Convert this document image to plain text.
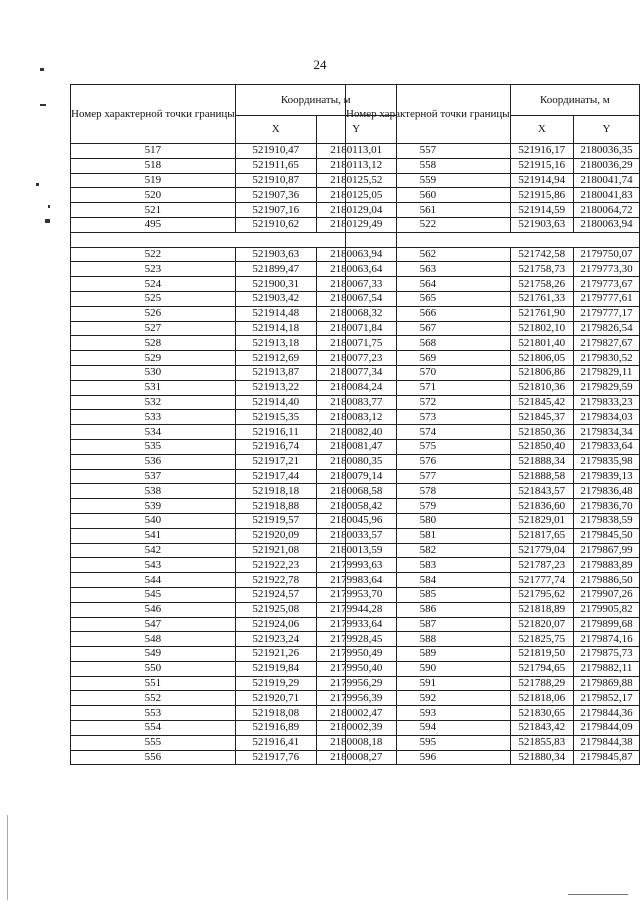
24
Номер характерной точки границы	Координаты, м	
	X	Y
517	521910,47	2180113,01
518	521911,65	2180113,12
519	521910,87	2180125,52
520	521907,36	2180125,05
521	521907,16	2180129,04
495	521910,62	2180129,49

522	521903,63	2180063,94
523	521899,47	2180063,64
524	521900,31	2180067,33
525	521903,42	2180067,54
526	521914,48	2180068,32
527	521914,18	2180071,84
528	521913,18	2180071,75
529	521912,69	2180077,23
530	521913,87	2180077,34
531	521913,22	2180084,24
532	521914,40	2180083,77
533	521915,35	2180083,12
534	521916,11	2180082,40
535	521916,74	2180081,47
536	521917,21	2180080,35
537	521917,44	2180079,14
538	521918,18	2180068,58
539	521918,88	2180058,42
540	521919,57	2180045,96
541	521920,09	2180033,57
542	521921,08	2180013,59
543	521922,23	2179993,63
544	521922,78	2179983,64
545	521924,57	2179953,70
546	521925,08	2179944,28
547	521924,06	2179933,64
548	521923,24	2179928,45
549	521921,26	2179950,49
550	521919,84	2179950,40
551	521919,29	2179956,29
552	521920,71	2179956,39
553	521918,08	2180002,47
554	521916,89	2180002,39
555	521916,41	2180008,18
556	521917,76	2180008,27
Номер характерной точки границы	Координаты, м	
	X	Y
557	521916,17	2180036,35
558	521915,16	2180036,29
559	521914,94	2180041,74
560	521915,86	2180041,83
561	521914,59	2180064,72
522	521903,63	2180063,94

562	521742,58	2179750,07
563	521758,73	2179773,30
564	521758,26	2179773,67
565	521761,33	2179777,61
566	521761,90	2179777,17
567	521802,10	2179826,54
568	521801,40	2179827,67
569	521806,05	2179830,52
570	521806,86	2179829,11
571	521810,36	2179829,59
572	521845,42	2179833,23
573	521845,37	2179834,03
574	521850,36	2179834,34
575	521850,40	2179833,64
576	521888,34	2179835,98
577	521888,58	2179839,13
578	521843,57	2179836,48
579	521836,60	2179836,70
580	521829,01	2179838,59
581	521817,65	2179845,50
582	521779,04	2179867,99
583	521787,23	2179883,89
584	521777,74	2179886,50
585	521795,62	2179907,26
586	521818,89	2179905,82
587	521820,07	2179899,68
588	521825,75	2179874,16
589	521819,50	2179875,73
590	521794,65	2179882,11
591	521788,29	2179869,88
592	521818,06	2179852,17
593	521830,65	2179844,36
594	521843,42	2179844,09
595	521855,83	2179844,38
596	521880,34	2179845,87
